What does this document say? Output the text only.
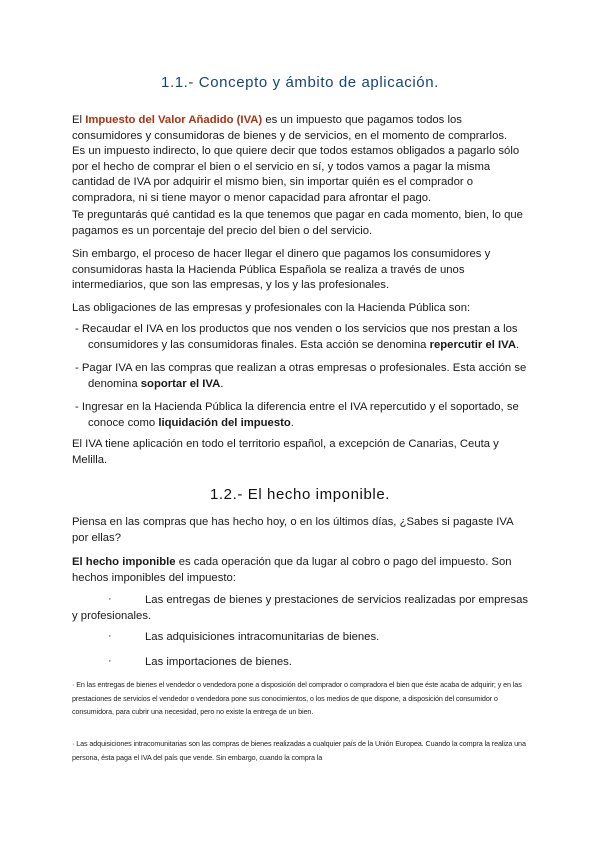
1.1.- Concepto y ámbito de aplicación.

El Impuesto del Valor Añadido (IVA) es un impuesto que pagamos todos los consumidores y consumidoras de bienes y de servicios, en el momento de comprarlos.
Es un impuesto indirecto, lo que quiere decir que todos estamos obligados a pagarlo sólo por el hecho de comprar el bien o el servicio en sí, y todos vamos a pagar la misma cantidad de IVA por adquirir el mismo bien, sin importar quién es el comprador o compradora, ni si tiene mayor o menor capacidad para afrontar el pago.

Te preguntarás qué cantidad es la que tenemos que pagar en cada momento, bien, lo que pagamos es un porcentaje del precio del bien o del servicio.

Sin embargo, el proceso de hacer llegar el dinero que pagamos los consumidores y consumidoras hasta la Hacienda Pública Española se realiza a través de unos intermediarios, que son las empresas, y los y las profesionales.

Las obligaciones de las empresas y profesionales con la Hacienda Pública son:

- Recaudar el IVA en los productos que nos venden o los servicios que nos prestan a los consumidores y las consumidoras finales. Esta acción se denomina repercutir el IVA.

- Pagar IVA en las compras que realizan a otras empresas o profesionales. Esta acción se denomina soportar el IVA.

- Ingresar en la Hacienda Pública la diferencia entre el IVA repercutido y el soportado, se conoce como liquidación del impuesto.

El IVA tiene aplicación en todo el territorio español, a excepción de Canarias, Ceuta y Melilla.

1.2.- El hecho imponible.

Piensa en las compras que has hecho hoy, o en los últimos días, ¿Sabes si pagaste IVA por ellas?

El hecho imponible es cada operación que da lugar al cobro o pago del impuesto. Son hechos imponibles del impuesto:

·	Las entregas de bienes y prestaciones de servicios realizadas por empresas

y profesionales.

·	Las adquisiciones intracomunitarias de bienes.

·	Las importaciones de bienes.

· En las entregas de bienes el vendedor o vendedora pone a disposición del comprador o compradora el bien que éste acaba de adquirir; y en las prestaciones de servicios el vendedor o vendedora pone sus conocimientos, o los medios de que dispone, a disposición del consumidor o consumidora, para cubrir una necesidad, pero no existe la entrega de un bien.

· Las adquisiciones intracomunitarias son las compras de bienes realizadas a cualquier país de la Unión Europea. Cuando la compra la realiza una persona, ésta paga el IVA del país que vende. Sin embargo, cuando la compra la
